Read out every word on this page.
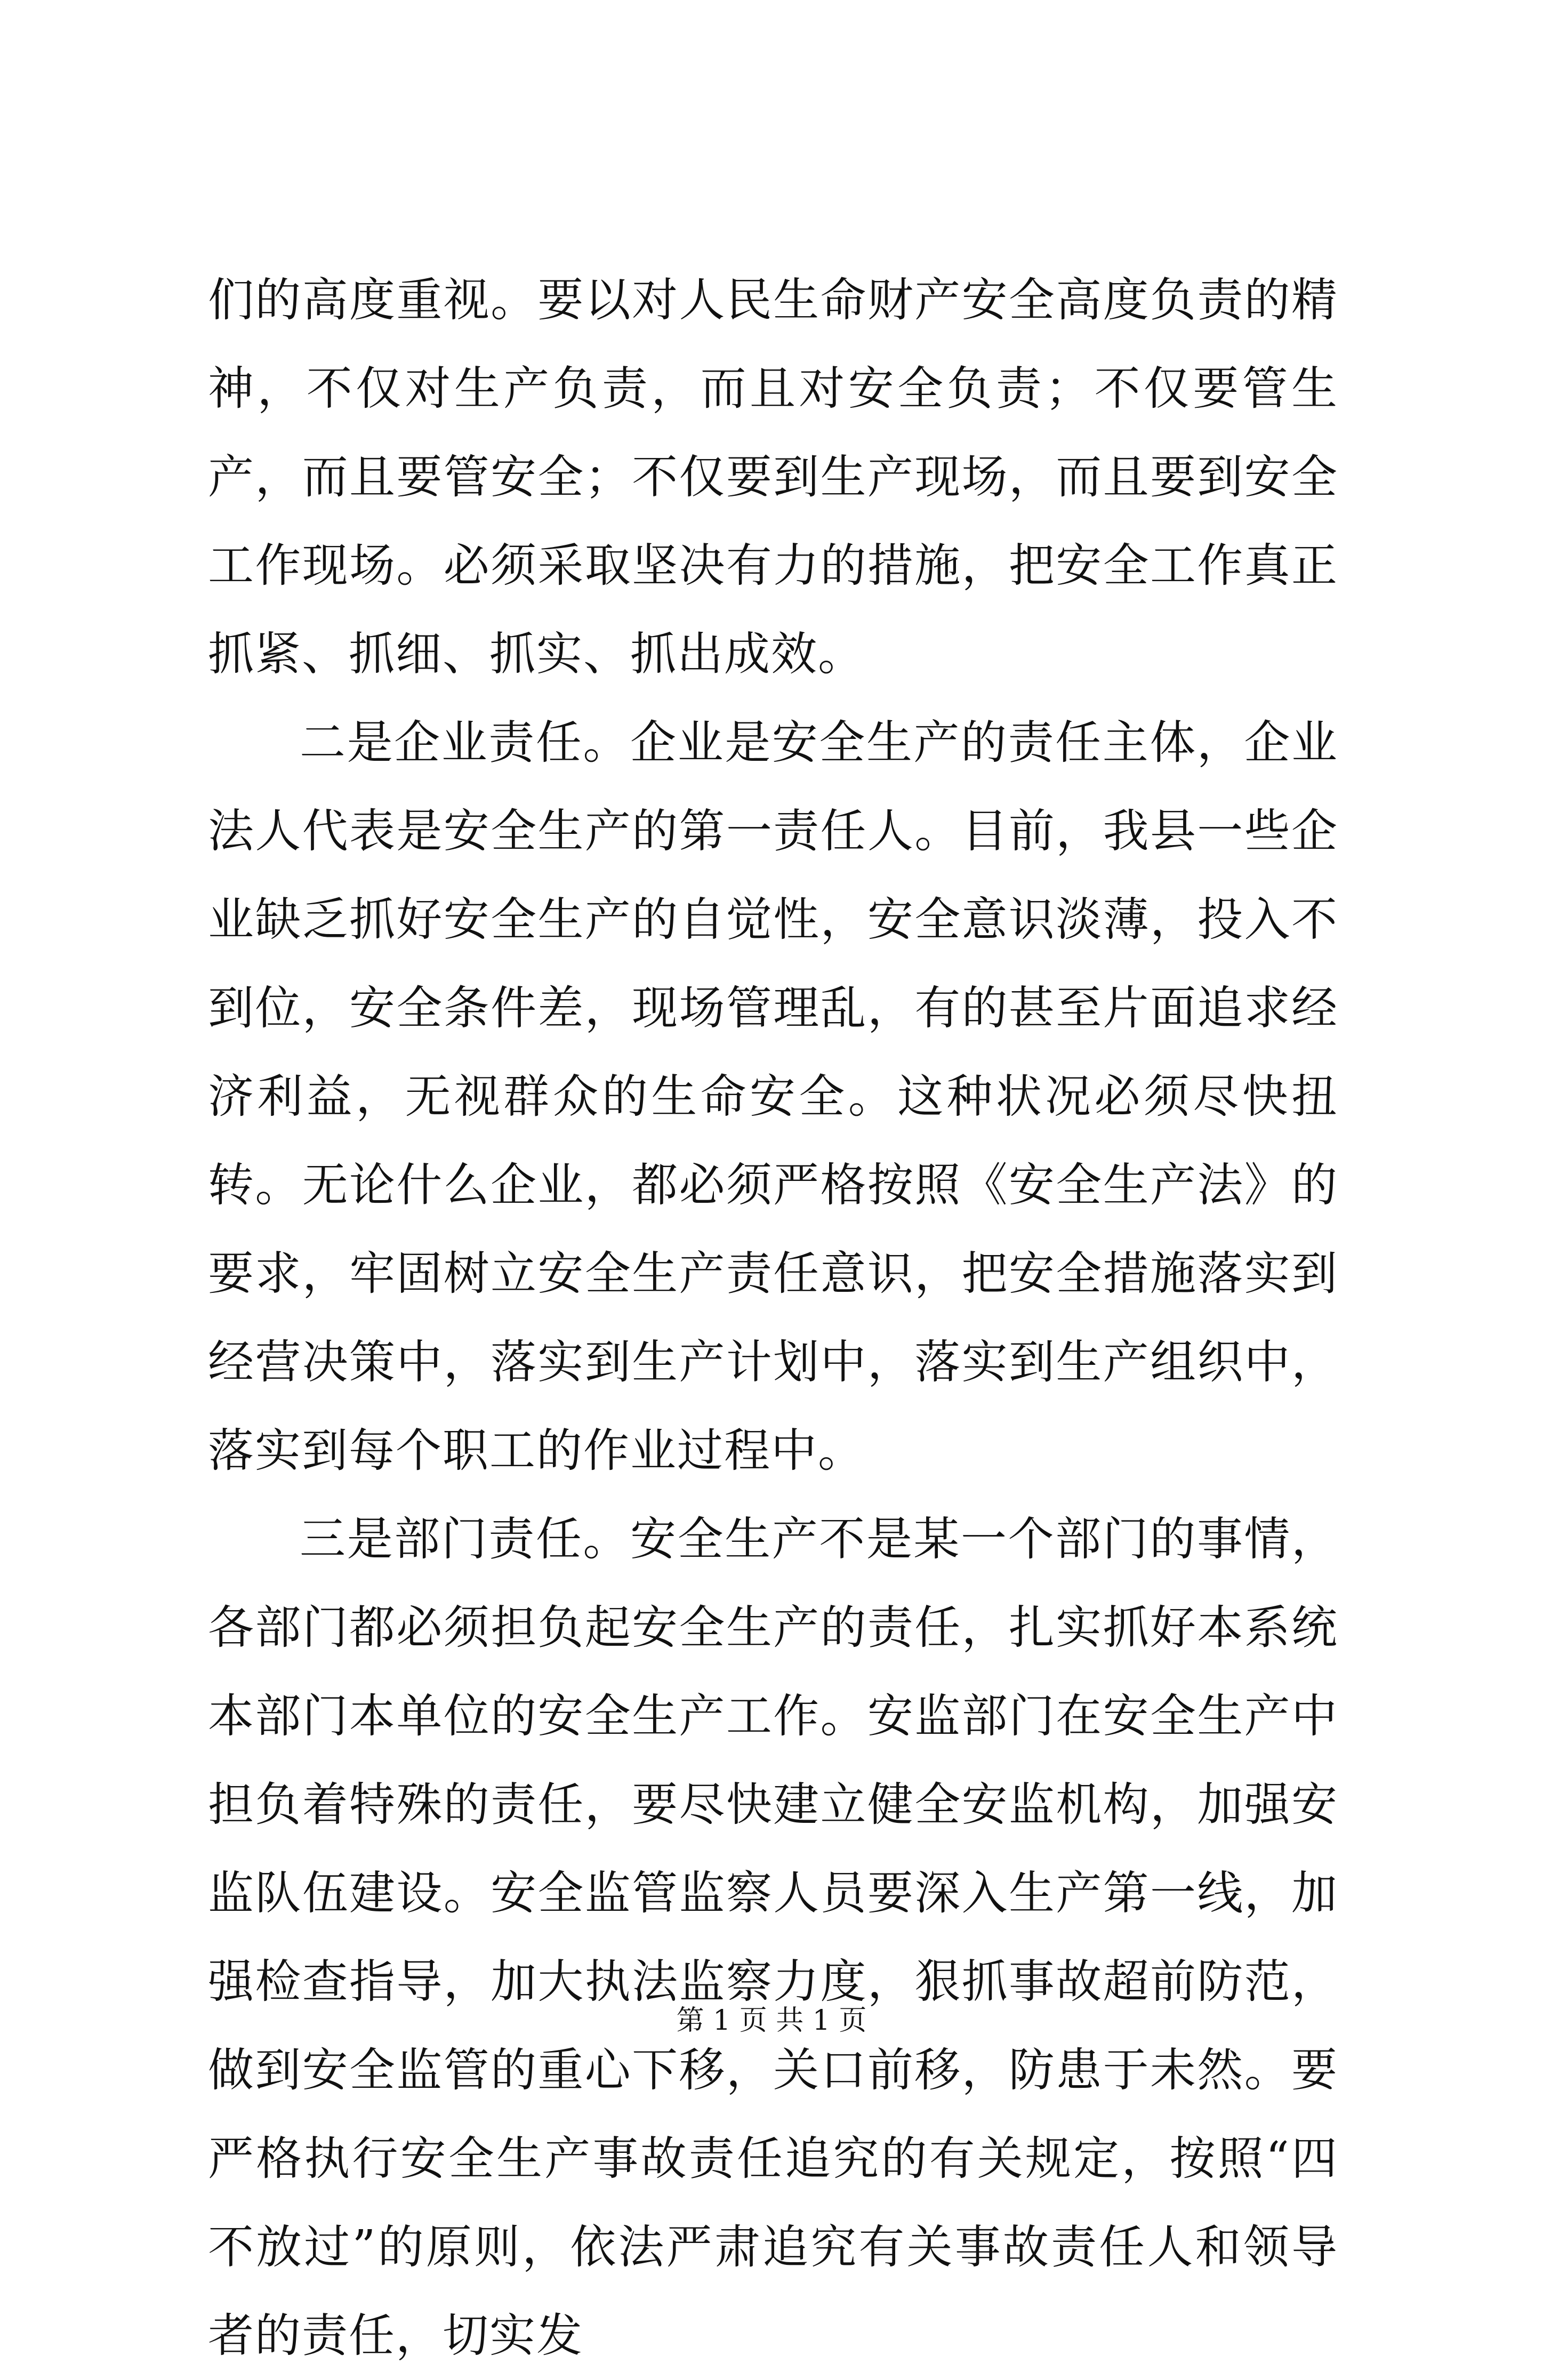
们的高度重视。要以对人民生命财产安全高度负责的精神，不仅对生产负责，而且对安全负责；不仅要管生产，而且要管安全；不仅要到生产现场，而且要到安全工作现场。必须采取坚决有力的措施，把安全工作真正抓紧、抓细、抓实、抓出成效。

二是企业责任。企业是安全生产的责任主体，企业法人代表是安全生产的第一责任人。目前，我县一些企业缺乏抓好安全生产的自觉性，安全意识淡薄，投入不到位，安全条件差，现场管理乱，有的甚至片面追求经济利益，无视群众的生命安全。这种状况必须尽快扭转。无论什么企业，都必须严格按照《安全生产法》的要求，牢固树立安全生产责任意识，把安全措施落实到经营决策中，落实到生产计划中，落实到生产组织中，落实到每个职工的作业过程中。

三是部门责任。安全生产不是某一个部门的事情，各部门都必须担负起安全生产的责任，扎实抓好本系统本部门本单位的安全生产工作。安监部门在安全生产中担负着特殊的责任，要尽快建立健全安监机构，加强安监队伍建设。安全监管监察人员要深入生产第一线，加强检查指导，加大执法监察力度，狠抓事故超前防范，做到安全监管的重心下移，关口前移，防患于未然。要严格执行安全生产事故责任追究的有关规定，按照“四不放过”的原则，依法严肃追究有关事故责任人和领导者的责任，切实发

第 1 页 共 1 页
